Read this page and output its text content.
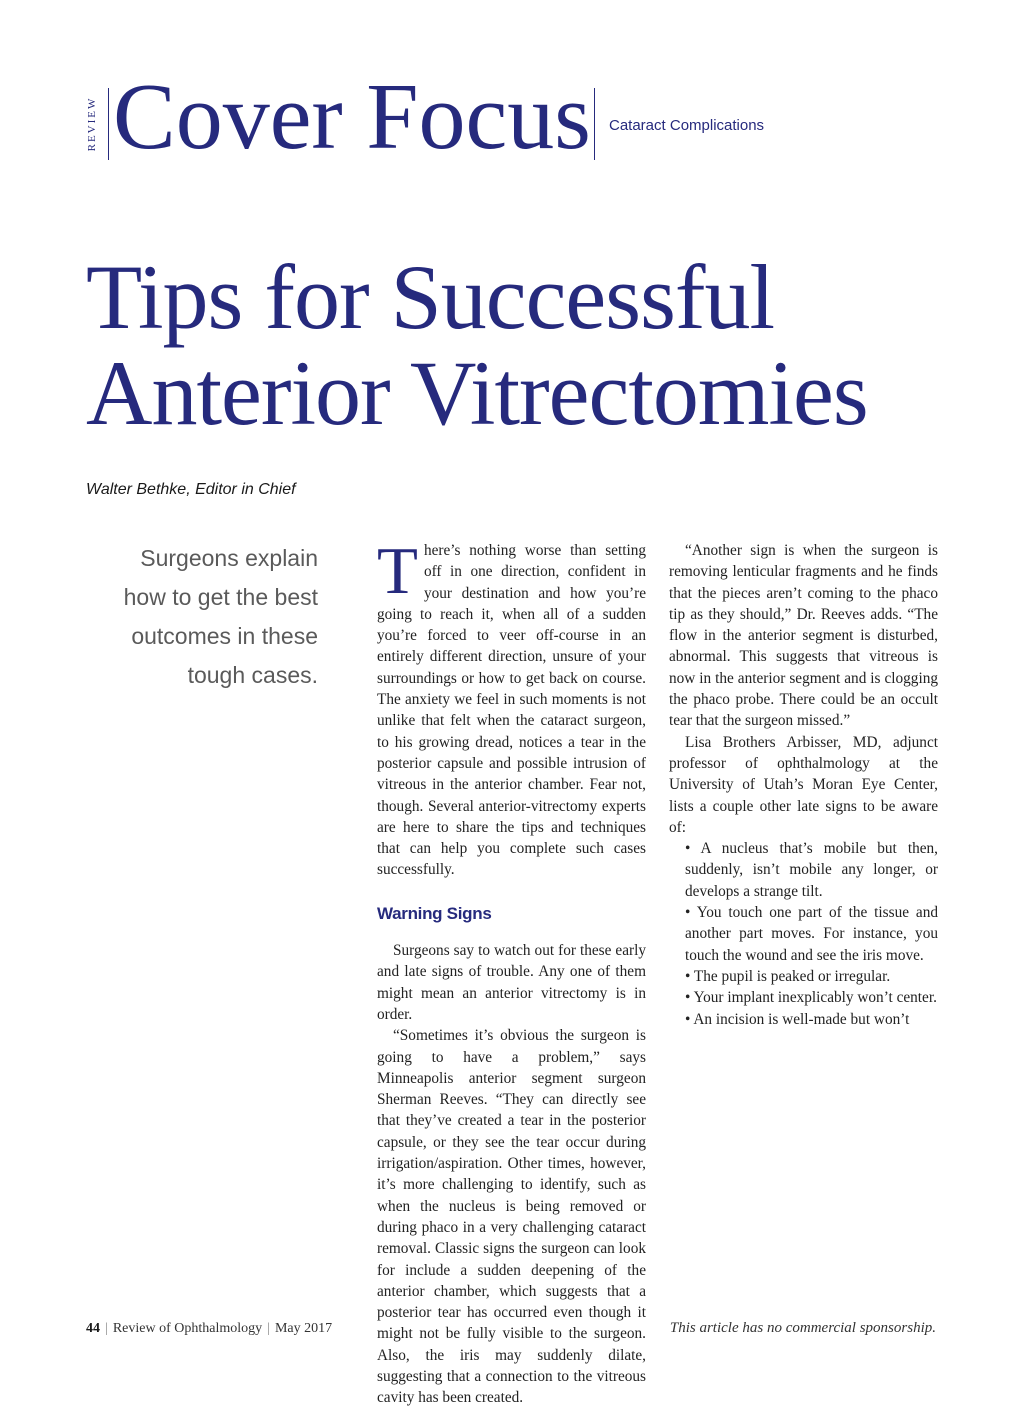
REVIEW Cover Focus Cataract Complications
Tips for Successful
Anterior Vitrectomies
Walter Bethke, Editor in Chief
Surgeons explain how to get the best outcomes in these tough cases.

There’s nothing worse than setting off in one direction, confident in your destination and how you’re going to reach it, when all of a sudden you’re forced to veer off-course in an entirely different direction, unsure of your surroundings or how to get back on course. The anxiety we feel in such moments is not unlike that felt when the cataract surgeon, to his growing dread, notices a tear in the posterior capsule and possible intrusion of vitreous in the anterior chamber. Fear not, though. Several anterior-vitrectomy experts are here to share the tips and techniques that can help you complete such cases successfully.

Warning Signs

Surgeons say to watch out for these early and late signs of trouble. Any one of them might mean an anterior vitrectomy is in order.

“Sometimes it’s obvious the surgeon is going to have a problem,” says Minneapolis anterior segment surgeon Sherman Reeves. “They can directly see that they’ve created a tear in the posterior capsule, or they see the tear occur during irrigation/aspiration. Other times, however, it’s more challenging to identify, such as when the nucleus is being removed or during phaco in a very challenging cataract removal. Classic signs the surgeon can look for include a sudden deepening of the anterior chamber, which suggests that a posterior tear has occurred even though it might not be fully visible to the surgeon. Also, the iris may suddenly dilate, suggesting that a connection to the vitreous cavity has been created.

“Another sign is when the surgeon is removing lenticular fragments and he finds that the pieces aren’t coming to the phaco tip as they should,” Dr. Reeves adds. “The flow in the anterior segment is disturbed, abnormal. This suggests that vitreous is now in the anterior segment and is clogging the phaco probe. There could be an occult tear that the surgeon missed.”

Lisa Brothers Arbisser, MD, adjunct professor of ophthalmology at the University of Utah’s Moran Eye Center, lists a couple other late signs to be aware of:

• A nucleus that’s mobile but then, suddenly, isn’t mobile any longer, or develops a strange tilt.
• You touch one part of the tissue and another part moves. For instance, you touch the wound and see the iris move.
• The pupil is peaked or irregular.
• Your implant inexplicably won’t center.
• An incision is well-made but won’t
44 | Review of Ophthalmology | May 2017	This article has no commercial sponsorship.
